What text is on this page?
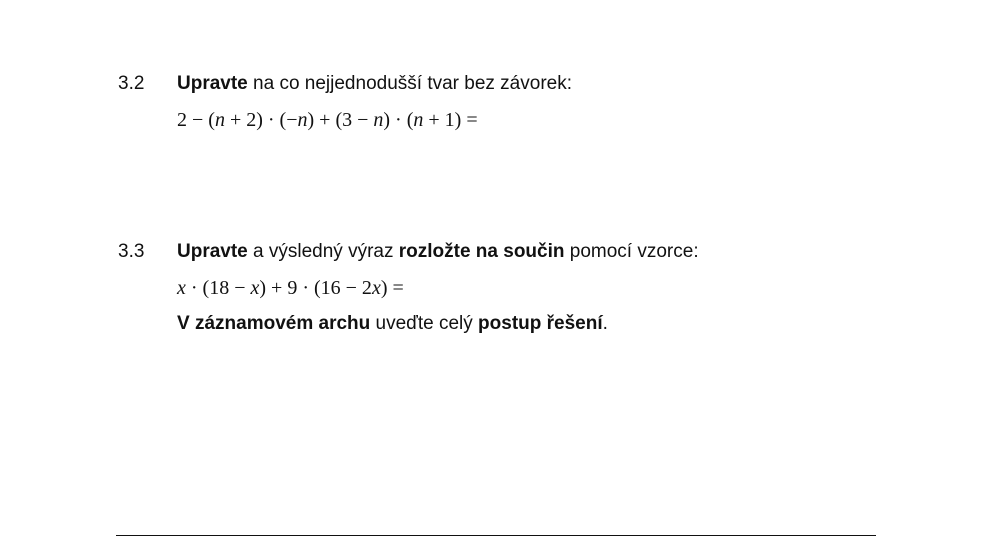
3.2 Upravte na co nejjednodušší tvar bez závorek:
2 − (n + 2) · (−n) + (3 − n) · (n + 1) =
3.3 Upravte a výsledný výraz rozložte na součin pomocí vzorce:
x · (18 − x) + 9 · (16 − 2x) =
V záznamovém archu uveďte celý postup řešení.
